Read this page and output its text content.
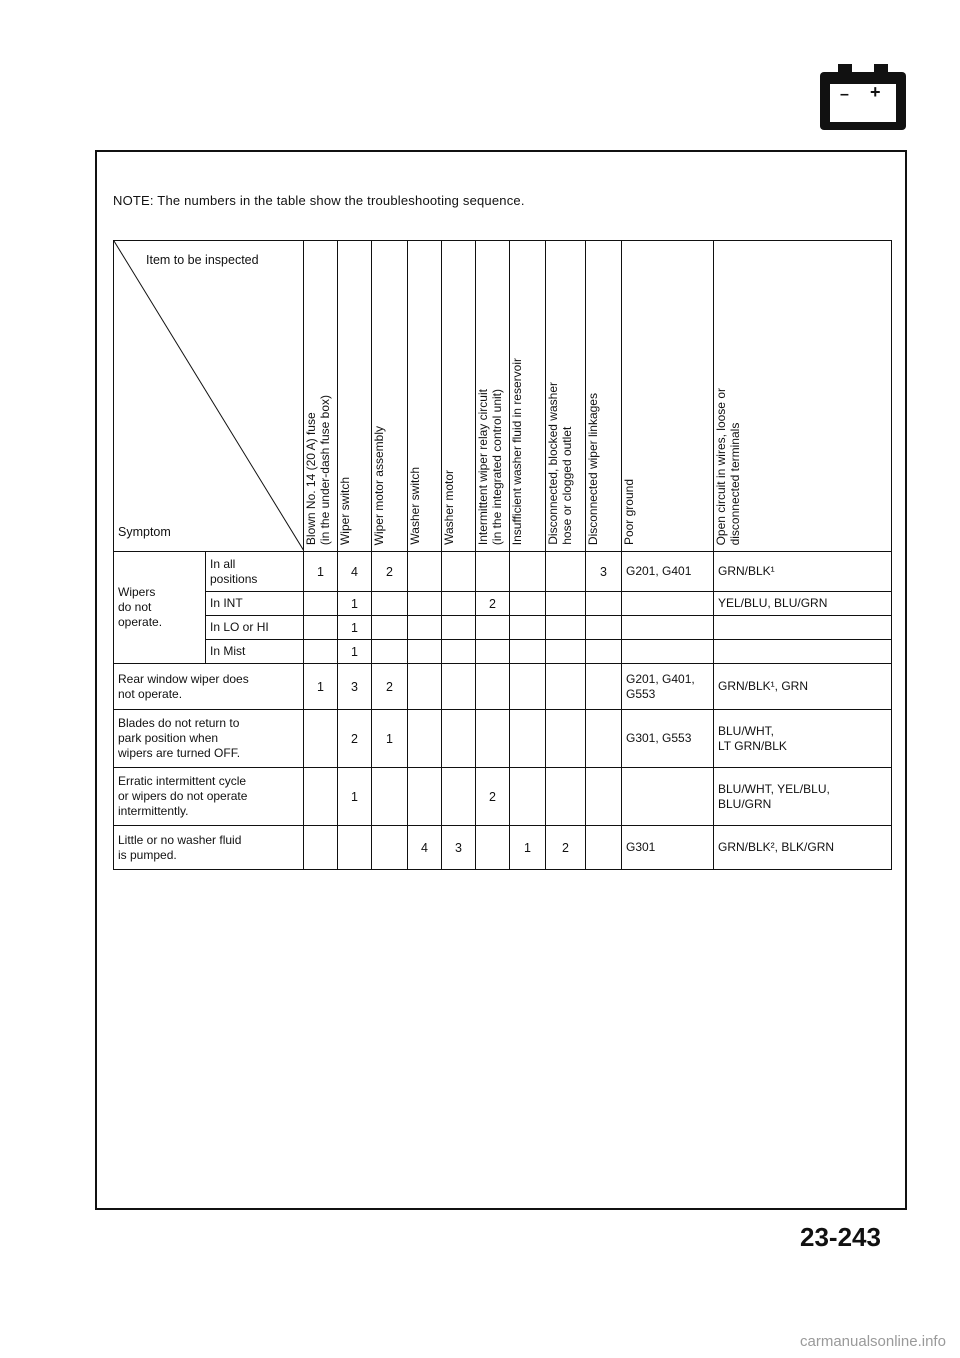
– +
NOTE: The numbers in the table show the troubleshooting sequence.
Item to be inspected
Symptom		Blown No. 14 (20 A) fuse
(in the under-dash fuse box)	Wiper switch	Wiper motor assembly	Washer switch	Washer motor	Intermittent wiper relay circuit
(in the integrated control unit)	Insufficient washer fluid in reservoir	Disconnected, blocked washer
hose or clogged outlet	Disconnected wiper linkages	Poor ground	Open circuit in wires, loose or
disconnected terminals

Wipers
do not
operate.	In all
positions	1	4	2						3	G201, G401	GRN/BLK¹
	In INT		1				2					YEL/BLU, BLU/GRN
	In LO or HI		1									
	In Mist		1									
Rear window wiper does
not operate.		1	3	2							G201, G401,
G553	GRN/BLK¹, GRN
Blades do not return to
park position when
wipers are turned OFF.			2	1							G301, G553	BLU/WHT,
LT GRN/BLK
Erratic intermittent cycle
or wipers do not operate
intermittently.			1				2					BLU/WHT, YEL/BLU,
BLU/GRN
Little or no washer fluid
is pumped.					4	3		1	2		G301	GRN/BLK², BLK/GRN
23-243
carmanualsonline.info
